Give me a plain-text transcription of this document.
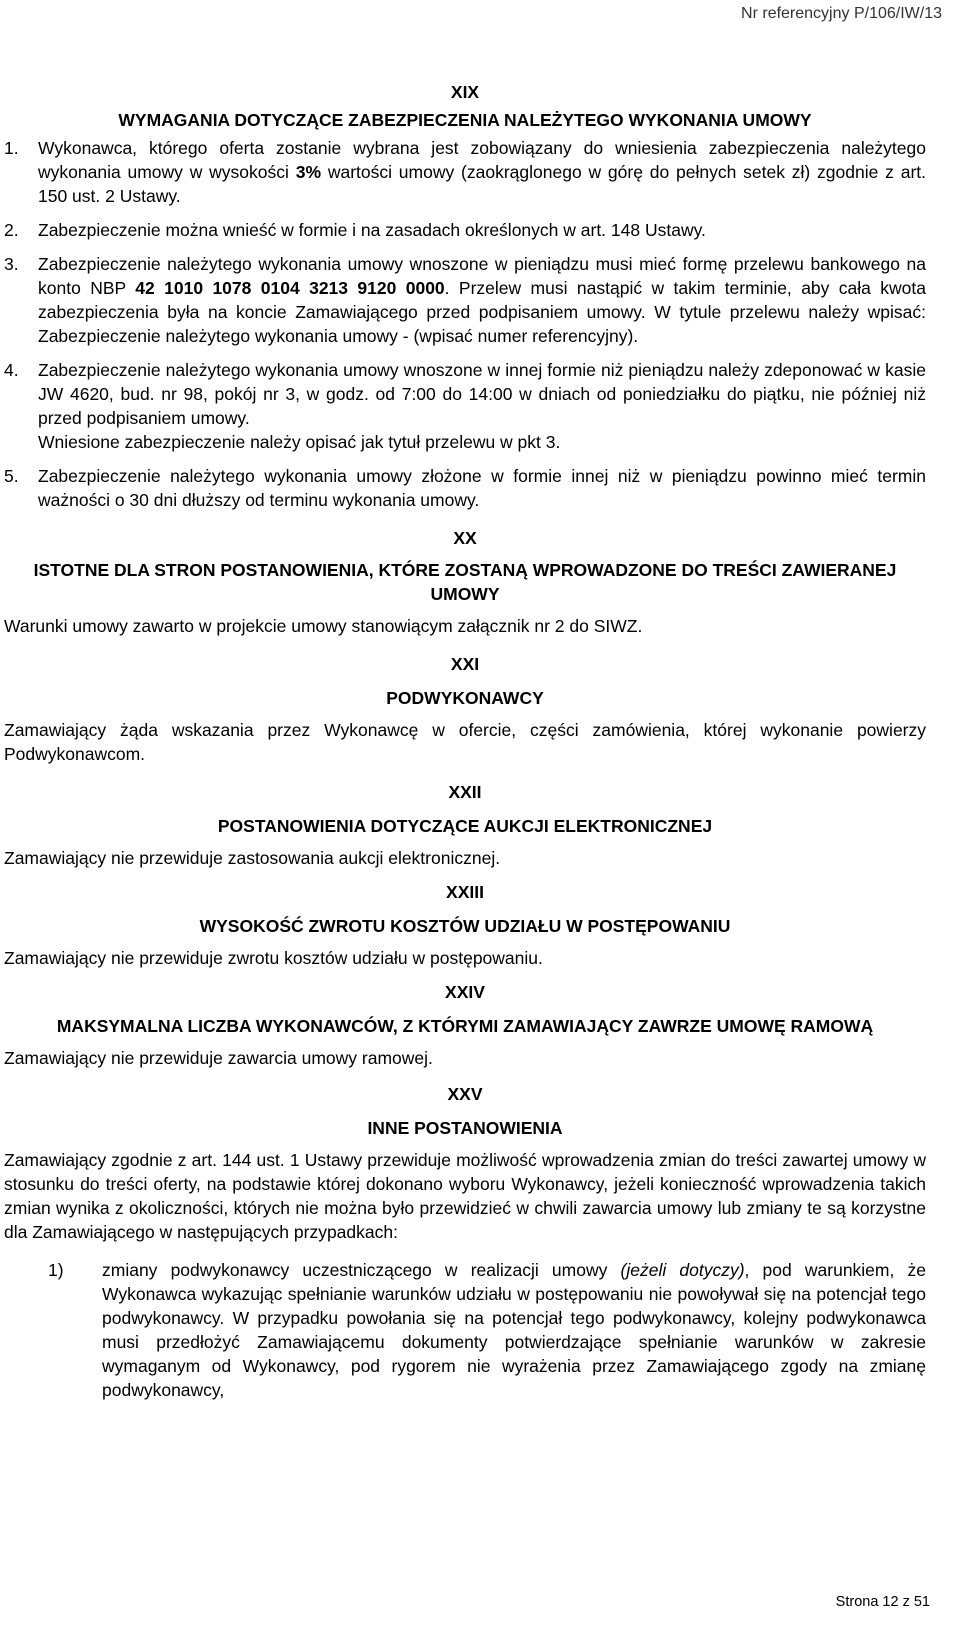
Nr referencyjny P/106/IW/13

XIX

WYMAGANIA DOTYCZĄCE ZABEZPIECZENIA NALEŻYTEGO WYKONANIA UMOWY

1.	Wykonawca, którego oferta zostanie wybrana jest zobowiązany do wniesienia zabezpieczenia należytego wykonania umowy w wysokości 3% wartości umowy (zaokrąglonego w górę do pełnych setek zł) zgodnie z art. 150 ust. 2 Ustawy.
2.	Zabezpieczenie można wnieść w formie i na zasadach określonych w art. 148 Ustawy.
3.	Zabezpieczenie należytego wykonania umowy wnoszone w pieniądzu musi mieć formę przelewu bankowego na konto NBP 42 1010 1078 0104 3213 9120 0000. Przelew musi nastąpić w takim terminie, aby cała kwota zabezpieczenia była na koncie Zamawiającego przed podpisaniem umowy. W tytule przelewu należy wpisać: Zabezpieczenie należytego wykonania umowy - (wpisać numer referencyjny).
4.	Zabezpieczenie należytego wykonania umowy wnoszone w innej formie niż pieniądzu należy zdeponować w kasie JW 4620, bud. nr 98, pokój nr 3, w godz. od 7:00 do 14:00 w dniach od poniedziałku do piątku, nie później niż przed podpisaniem umowy.
Wniesione zabezpieczenie należy opisać jak tytuł przelewu w pkt 3.
5.	Zabezpieczenie należytego wykonania umowy złożone w formie innej niż w pieniądzu powinno mieć termin ważności o 30 dni dłuższy od terminu wykonania umowy.

XX

ISTOTNE DLA STRON POSTANOWIENIA, KTÓRE ZOSTANĄ WPROWADZONE DO TREŚCI ZAWIERANEJ UMOWY

Warunki umowy zawarto w projekcie umowy stanowiącym załącznik nr 2 do SIWZ.

XXI

PODWYKONAWCY

Zamawiający żąda wskazania przez Wykonawcę w ofercie, części zamówienia, której wykonanie powierzy Podwykonawcom.

XXII

POSTANOWIENIA DOTYCZĄCE AUKCJI ELEKTRONICZNEJ

Zamawiający nie przewiduje zastosowania aukcji elektronicznej.

XXIII

WYSOKOŚĆ ZWROTU KOSZTÓW UDZIAŁU W POSTĘPOWANIU

Zamawiający nie przewiduje zwrotu kosztów udziału w postępowaniu.

XXIV

MAKSYMALNA LICZBA WYKONAWCÓW, Z KTÓRYMI ZAMAWIAJĄCY ZAWRZE UMOWĘ RAMOWĄ

Zamawiający nie przewiduje zawarcia umowy ramowej.

XXV

INNE POSTANOWIENIA

Zamawiający zgodnie z art. 144 ust. 1 Ustawy przewiduje możliwość wprowadzenia zmian do treści zawartej umowy w stosunku do treści oferty, na podstawie której dokonano wyboru Wykonawcy, jeżeli konieczność wprowadzenia takich zmian wynika z okoliczności, których nie można było przewidzieć w chwili zawarcia umowy lub zmiany te są korzystne dla Zamawiającego w następujących przypadkach:

1)	zmiany podwykonawcy uczestniczącego w realizacji umowy (jeżeli dotyczy), pod warunkiem, że Wykonawca wykazując spełnianie warunków udziału w postępowaniu nie powoływał się na potencjał tego podwykonawcy. W przypadku powołania się na potencjał tego podwykonawcy, kolejny podwykonawca musi przedłożyć Zamawiającemu dokumenty potwierdzające spełnianie warunków w zakresie wymaganym od Wykonawcy, pod rygorem nie wyrażenia przez Zamawiającego zgody na zmianę podwykonawcy,
Strona 12 z 51
